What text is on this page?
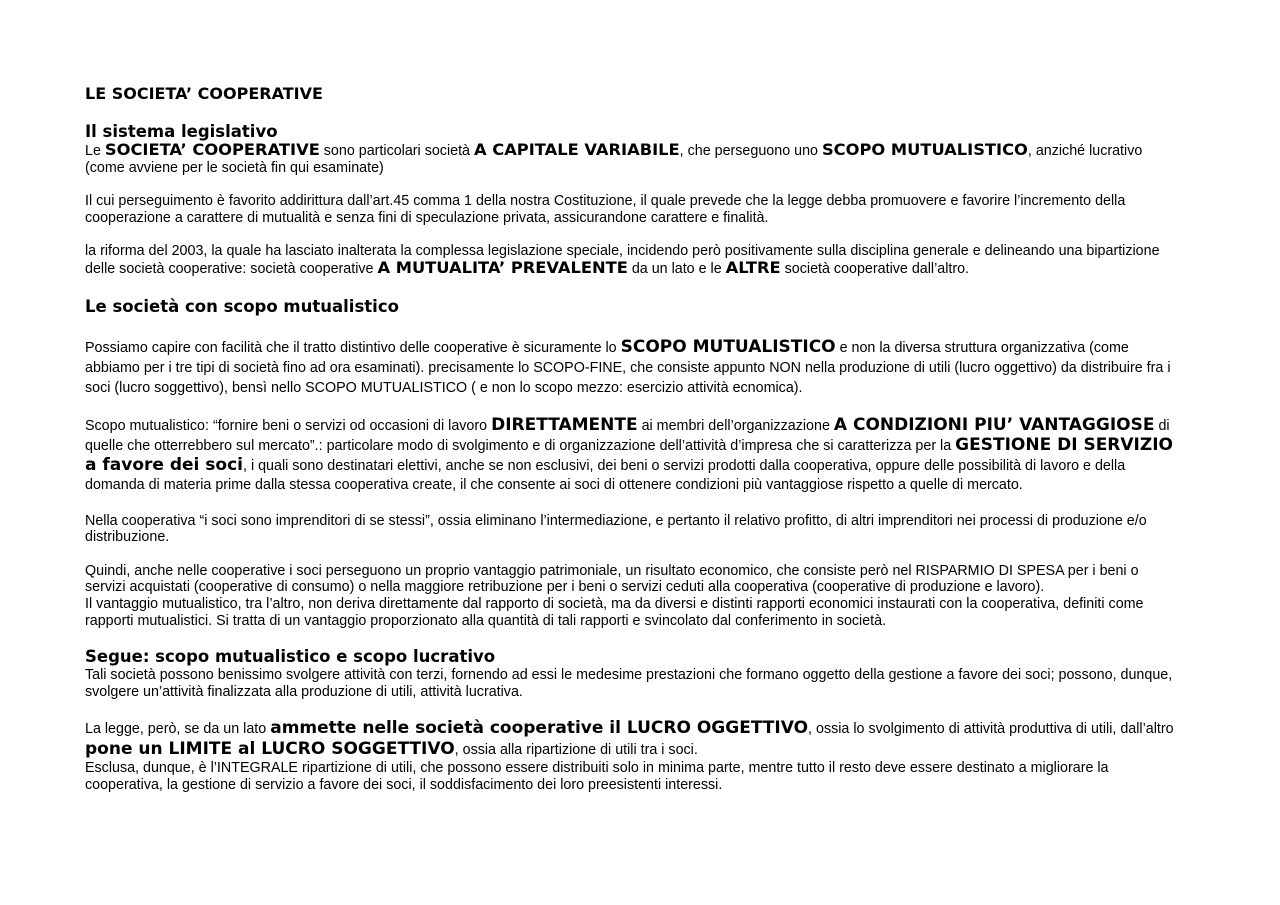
LE SOCIETA’ COOPERATIVE
Il sistema legislativo

Le SOCIETA’ COOPERATIVE sono particolari società A CAPITALE VARIABILE, che perseguono uno SCOPO MUTUALISTICO, anziché lucrativo (come avviene per le società fin qui esaminate)

Il cui perseguimento è favorito addirittura dall’art.45 comma 1 della nostra Costituzione, il quale prevede che la legge debba promuovere e favorire l’incremento della cooperazione a carattere di mutualità e senza fini di speculazione privata, assicurandone carattere e finalità.

la riforma del 2003, la quale ha lasciato inalterata la complessa legislazione speciale, incidendo però positivamente sulla disciplina generale e delineando una bipartizione delle società cooperative: società cooperative A MUTUALITA’ PREVALENTE da un lato e le ALTRE società cooperative dall’altro.

Le società con scopo mutualistico

Possiamo capire con facilità che il tratto distintivo delle cooperative è sicuramente lo SCOPO MUTUALISTICO e non la diversa struttura organizzativa (come abbiamo per i tre tipi di società fino ad ora esaminati). precisamente lo SCOPO-FINE, che consiste appunto NON nella produzione di utili (lucro oggettivo) da distribuire fra i soci (lucro soggettivo), bensì nello SCOPO MUTUALISTICO ( e non lo scopo mezzo: esercizio attività ecnomica).

Scopo mutualistico: “fornire beni o servizi od occasioni di lavoro DIRETTAMENTE ai membri dell’organizzazione A CONDIZIONI PIU’ VANTAGGIOSE di quelle che otterrebbero sul mercato”.: particolare modo di svolgimento e di organizzazione dell’attività d’impresa che si caratterizza per la GESTIONE DI SERVIZIO a favore dei soci, i quali sono destinatari elettivi, anche se non esclusivi, dei beni o servizi prodotti dalla cooperativa, oppure delle possibilità di lavoro e della domanda di materia prime dalla stessa cooperativa create, il che consente ai soci di ottenere condizioni più vantaggiose rispetto a quelle di mercato.

Nella cooperativa “i soci sono imprenditori di se stessi”, ossia eliminano l’intermediazione, e pertanto il relativo profitto, di altri imprenditori nei processi di produzione e/o distribuzione.

Quindi, anche nelle cooperative i soci perseguono un proprio vantaggio patrimoniale, un risultato economico, che consiste però nel RISPARMIO DI SPESA per i beni o servizi acquistati (cooperative di consumo) o nella maggiore retribuzione per i beni o servizi ceduti alla cooperativa (cooperative di produzione e lavoro).

Il vantaggio mutualistico, tra l’altro, non deriva direttamente dal rapporto di società, ma da diversi e distinti rapporti economici instaurati con la cooperativa, definiti come rapporti mutualistici. Si tratta di un vantaggio proporzionato alla quantità di tali rapporti e svincolato dal conferimento in società.

Segue: scopo mutualistico e scopo lucrativo

Tali società possono benissimo svolgere attività con terzi, fornendo ad essi le medesime prestazioni che formano oggetto della gestione a favore dei soci; possono, dunque, svolgere un’attività finalizzata alla produzione di utili, attività lucrativa.

La legge, però, se da un lato ammette nelle società cooperative il LUCRO OGGETTIVO, ossia lo svolgimento di attività produttiva di utili, dall’altro pone un LIMITE al LUCRO SOGGETTIVO, ossia alla ripartizione di utili tra i soci.

Esclusa, dunque, è l’INTEGRALE ripartizione di utili, che possono essere distribuiti solo in minima parte, mentre tutto il resto deve essere destinato a migliorare la cooperativa, la gestione di servizio a favore dei soci, il soddisfacimento dei loro preesistenti interessi.
